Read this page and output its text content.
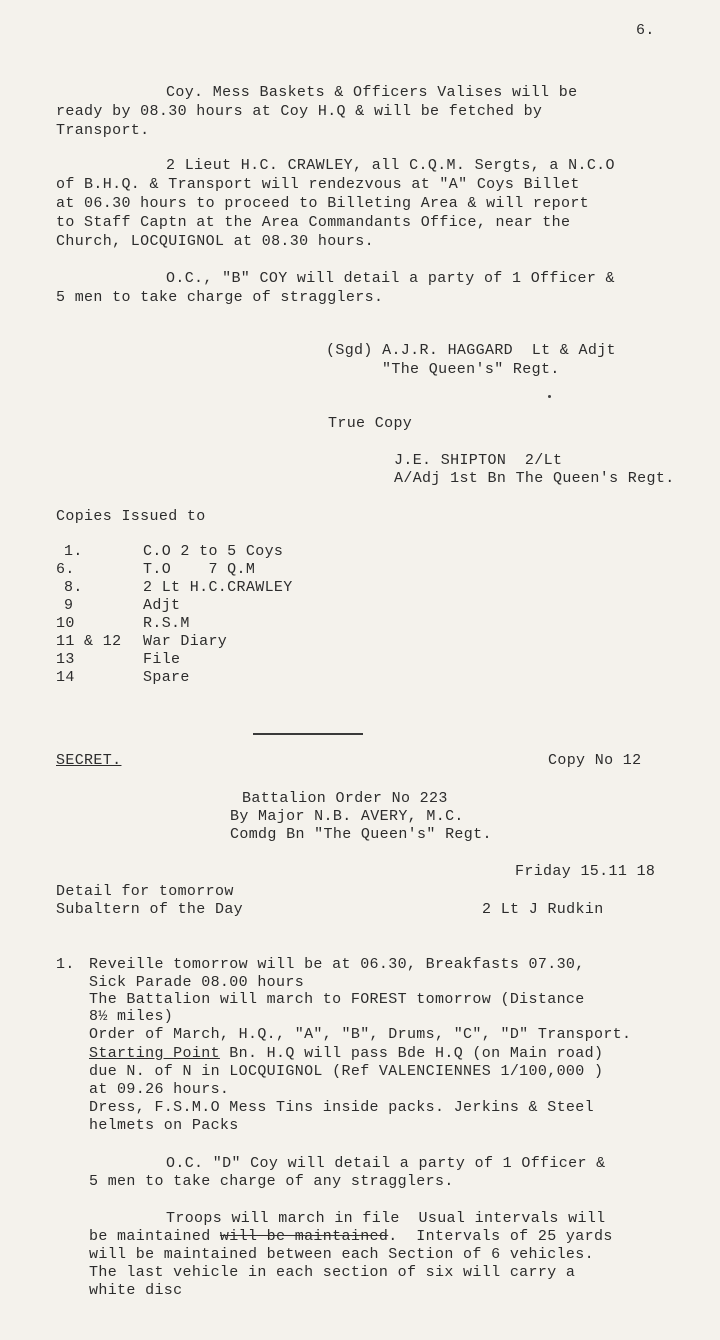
6.
Coy. Mess Baskets & Officers Valises will be
ready by 08.30 hours at Coy H.Q & will be fetched by
Transport.
2 Lieut H.C. CRAWLEY, all C.Q.M. Sergts, a N.C.O
of B.H.Q. & Transport will rendezvous at "A" Coys Billet
at 06.30 hours to proceed to Billeting Area & will report
to Staff Captn at the Area Commandants Office, near the
Church, LOCQUIGNOL at 08.30 hours.
O.C., "B" COY will detail a party of 1 Officer &
5 men to take charge of stragglers.
(Sgd) A.J.R. HAGGARD  Lt & Adjt
"The Queen's" Regt.
True Copy
J.E. SHIPTON  2/Lt
A/Adj 1st Bn The Queen's Regt.
Copies Issued to
1.	C.O 2 to 5 Coys
6.	T.O    7 Q.M
8.	2 Lt H.C.CRAWLEY
9	Adjt
10	R.S.M
11 & 12 War Diary
13	File
14	Spare
SECRET.	Copy No 12
Battalion Order No 223
By Major N.B. AVERY, M.C.
Comdg Bn "The Queen's" Regt.
Friday 15.11 18
Detail for tomorrow
Subaltern of the Day	2 Lt J Rudkin
1. Reveille tomorrow will be at 06.30, Breakfasts 07.30,
Sick Parade 08.00 hours
The Battalion will march to FOREST tomorrow (Distance
8½ miles)
Order of March, H.Q., "A", "B", Drums, "C", "D" Transport.
Starting Point Bn. H.Q will pass Bde H.Q (on Main road)
due N. of N in LOCQUIGNOL (Ref VALENCIENNES 1/100,000 )
at 09.26 hours.
Dress, F.S.M.O Mess Tins inside packs. Jerkins & Steel
helmets on Packs
O.C. "D" Coy will detail a party of 1 Officer &
5 men to take charge of any stragglers.
Troops will march in file  Usual intervals will
be maintained will be maintained.  Intervals of 25 yards
will be maintained between each Section of 6 vehicles.
The last vehicle in each section of six will carry a
white disc
